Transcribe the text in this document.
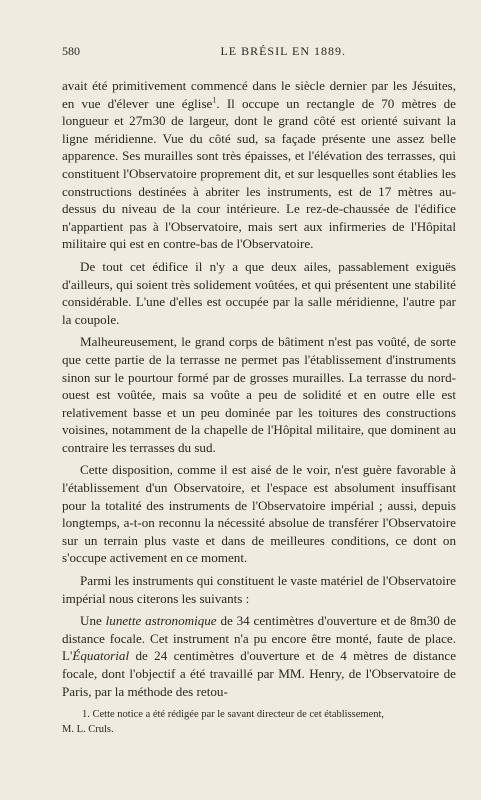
580	LE BRÉSIL EN 1889.

avait été primitivement commencé dans le siècle dernier par les Jésuites, en vue d'élever une église$^1$. Il occupe un rectangle de 70 mètres de longueur et 27m30 de largeur, dont le grand côté est orienté suivant la ligne méridienne. Vue du côté sud, sa façade présente une assez belle apparence. Ses murailles sont très épaisses, et l'élévation des terrasses, qui constituent l'Observatoire proprement dit, et sur lesquelles sont établies les constructions destinées à abriter les instruments, est de 17 mètres au-dessus du niveau de la cour intérieure. Le rez-de-chaussée de l'édifice n'appartient pas à l'Observatoire, mais sert aux infirmeries de l'Hôpital militaire qui est en contre-bas de l'Observatoire.

De tout cet édifice il n'y a que deux ailes, passablement exiguës d'ailleurs, qui soient très solidement voûtées, et qui présentent une stabilité considérable. L'une d'elles est occupée par la salle méridienne, l'autre par la coupole.

Malheureusement, le grand corps de bâtiment n'est pas voûté, de sorte que cette partie de la terrasse ne permet pas l'établissement d'instruments sinon sur le pourtour formé par de grosses murailles. La terrasse du nord-ouest est voûtée, mais sa voûte a peu de solidité et en outre elle est relativement basse et un peu dominée par les toitures des constructions voisines, notamment de la chapelle de l'Hôpital militaire, que dominent au contraire les terrasses du sud.

Cette disposition, comme il est aisé de le voir, n'est guère favorable à l'établissement d'un Observatoire, et l'espace est absolument insuffisant pour la totalité des instruments de l'Observatoire impérial ; aussi, depuis longtemps, a-t-on reconnu la nécessité absolue de transférer l'Observatoire sur un terrain plus vaste et dans de meilleures conditions, ce dont on s'occupe activement en ce moment.

Parmi les instruments qui constituent le vaste matériel de l'Observatoire impérial nous citerons les suivants :

Une lunette astronomique de 34 centimètres d'ouverture et de 8m30 de distance focale. Cet instrument n'a pu encore être monté, faute de place. L'Équatorial de 24 centimètres d'ouverture et de 4 mètres de distance focale, dont l'objectif a été travaillé par MM. Henry, de l'Observatoire de Paris, par la méthode des retou-

1. Cette notice a été rédigée par le savant directeur de cet établissement,
M. L. Cruls.
